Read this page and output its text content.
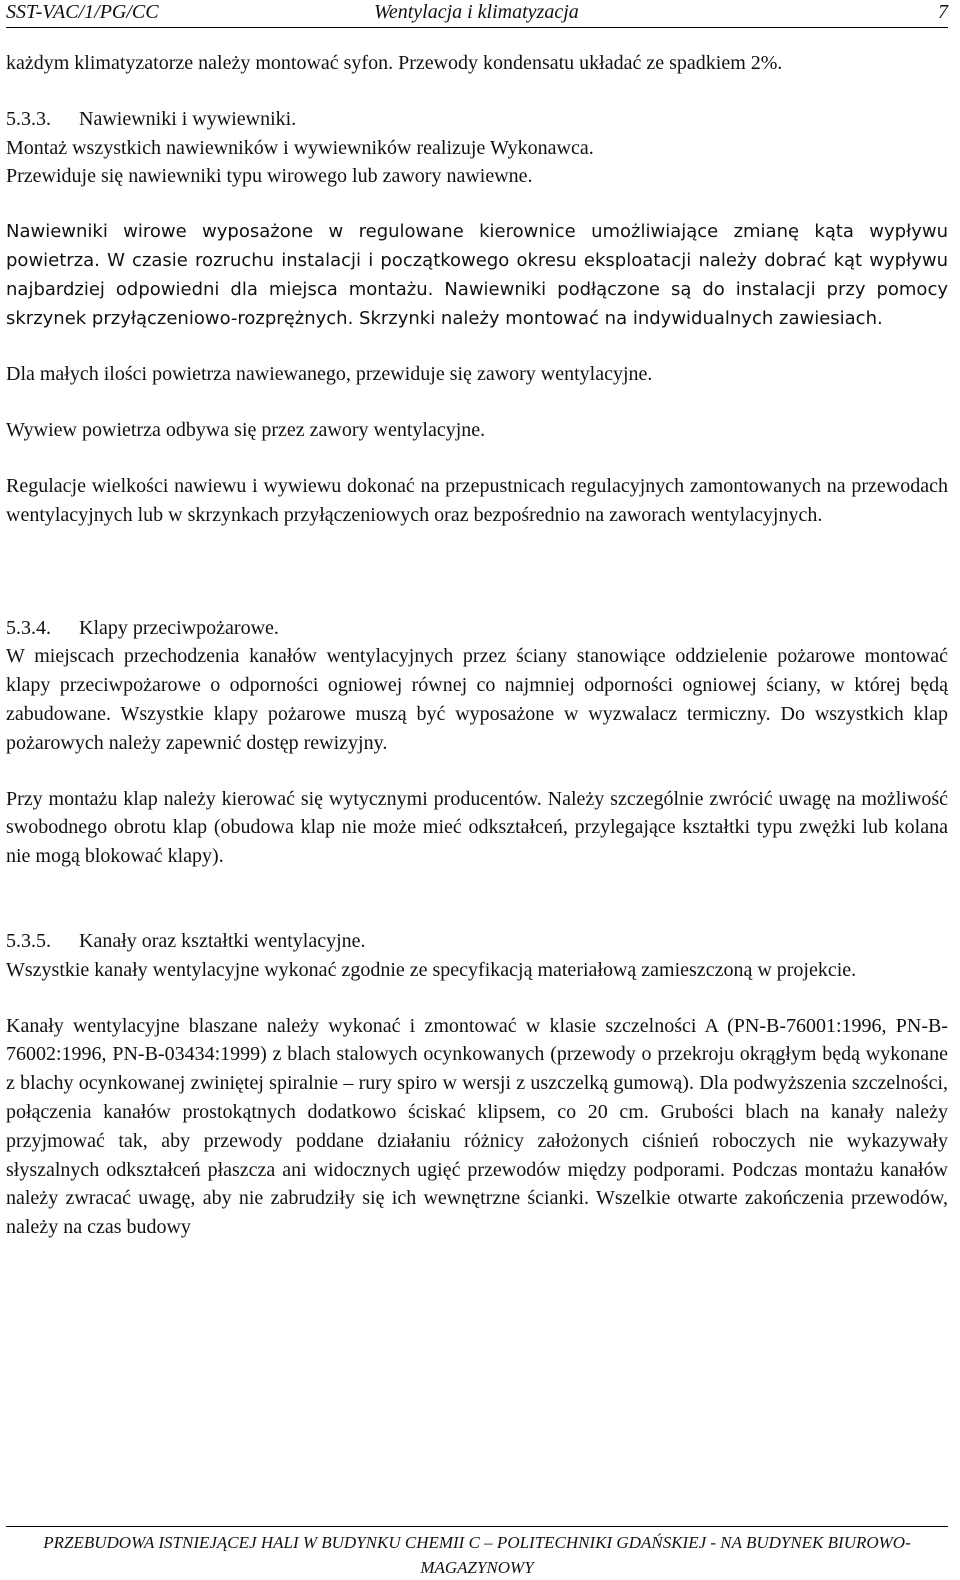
SST-VAC/1/PG/CC	Wentylacja i klimatyzacja	7

każdym klimatyzatorze należy montować syfon. Przewody kondensatu układać ze spadkiem 2%.

5.3.3. Nawiewniki i wywiewniki.

Montaż wszystkich nawiewników i wywiewników realizuje Wykonawca.

Przewiduje się nawiewniki typu wirowego lub zawory nawiewne.

Nawiewniki wirowe wyposażone w regulowane kierownice umożliwiające zmianę kąta wypływu powietrza. W czasie rozruchu instalacji i początkowego okresu eksploatacji należy dobrać kąt wypływu najbardziej odpowiedni dla miejsca montażu. Nawiewniki podłączone są do instalacji przy pomocy skrzynek przyłączeniowo-rozprężnych. Skrzynki należy montować na indywidualnych zawiesiach.

Dla małych ilości powietrza nawiewanego, przewiduje się zawory wentylacyjne.

Wywiew powietrza odbywa się przez zawory wentylacyjne.

Regulacje wielkości nawiewu i wywiewu dokonać na przepustnicach regulacyjnych zamontowanych na przewodach wentylacyjnych lub w skrzynkach przyłączeniowych oraz bezpośrednio na zaworach wentylacyjnych.

5.3.4. Klapy przeciwpożarowe.

W miejscach przechodzenia kanałów wentylacyjnych przez ściany stanowiące oddzielenie pożarowe montować klapy przeciwpożarowe o odporności ogniowej równej co najmniej odporności ogniowej ściany, w której będą zabudowane. Wszystkie klapy pożarowe muszą być wyposażone w wyzwalacz termiczny. Do wszystkich klap pożarowych należy zapewnić dostęp rewizyjny.

Przy montażu klap należy kierować się wytycznymi producentów. Należy szczególnie zwrócić uwagę na możliwość swobodnego obrotu klap (obudowa klap nie może mieć odkształceń, przylegające kształtki typu zwężki lub kolana nie mogą blokować klapy).

5.3.5. Kanały oraz kształtki wentylacyjne.

Wszystkie kanały wentylacyjne wykonać zgodnie ze specyfikacją materiałową zamieszczoną w projekcie.

Kanały wentylacyjne blaszane należy wykonać i zmontować w klasie szczelności A (PN-B-76001:1996, PN-B-76002:1996, PN-B-03434:1999) z blach stalowych ocynkowanych (przewody o przekroju okrągłym będą wykonane z blachy ocynkowanej zwiniętej spiralnie – rury spiro w wersji z uszczelką gumową). Dla podwyższenia szczelności, połączenia kanałów prostokątnych dodatkowo ściskać klipsem, co 20 cm. Grubości blach na kanały należy przyjmować tak, aby przewody poddane działaniu różnicy założonych ciśnień roboczych nie wykazywały słyszalnych odkształceń płaszcza ani widocznych ugięć przewodów między podporami. Podczas montażu kanałów należy zwracać uwagę, aby nie zabrudziły się ich wewnętrzne ścianki. Wszelkie otwarte zakończenia przewodów, należy na czas budowy

PRZEBUDOWA ISTNIEJĄCEJ HALI W BUDYNKU CHEMII C – POLITECHNIKI GDAŃSKIEJ - NA BUDYNEK BIUROWO-MAGAZYNOWY
